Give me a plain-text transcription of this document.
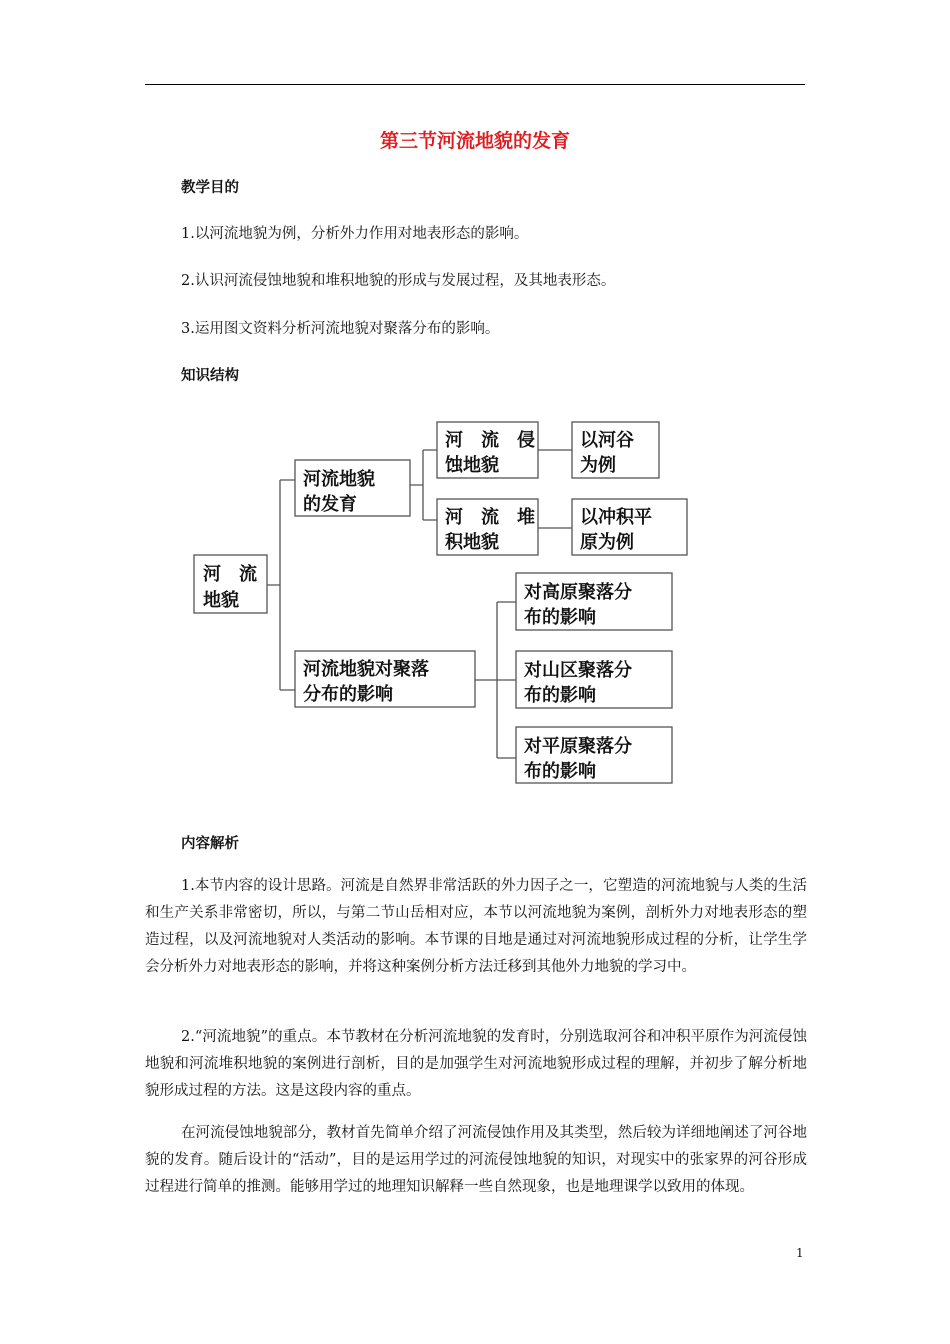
第三节河流地貌的发育
教学目的
1.以河流地貌为例，分析外力作用对地表形态的影响。
2.认识河流侵蚀地貌和堆积地貌的形成与发展过程，及其地表形态。
3.运用图文资料分析河流地貌对聚落分布的影响。
知识结构
河　流
地貌
河流地貌
的发育
河　流　侵
蚀地貌
以河谷
为例
河　流　堆
积地貌
以冲积平
原为例
河流地貌对聚落
分布的影响
对高原聚落分
布的影响
对山区聚落分
布的影响
对平原聚落分
布的影响
内容解析
1.本节内容的设计思路。河流是自然界非常活跃的外力因子之一，它塑造的河流地貌与人类的生活和生产关系非常密切，所以，与第二节山岳相对应，本节以河流地貌为案例，剖析外力对地表形态的塑造过程，以及河流地貌对人类活动的影响。本节课的目地是通过对河流地貌形成过程的分析，让学生学会分析外力对地表形态的影响，并将这种案例分析方法迁移到其他外力地貌的学习中。
2.“河流地貌”的重点。本节教材在分析河流地貌的发育时，分别选取河谷和冲积平原作为河流侵蚀地貌和河流堆积地貌的案例进行剖析，目的是加强学生对河流地貌形成过程的理解，并初步了解分析地貌形成过程的方法。这是这段内容的重点。
在河流侵蚀地貌部分，教材首先简单介绍了河流侵蚀作用及其类型，然后较为详细地阐述了河谷地貌的发育。随后设计的“活动”，目的是运用学过的河流侵蚀地貌的知识，对现实中的张家界的河谷形成过程进行简单的推测。能够用学过的地理知识解释一些自然现象，也是地理课学以致用的体现。
1
